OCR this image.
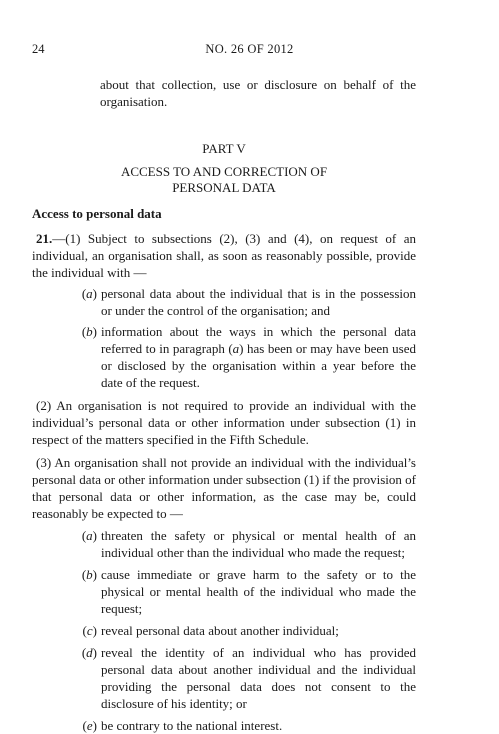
24	NO. 26 OF 2012
about that collection, use or disclosure on behalf of the organisation.
PART V
ACCESS TO AND CORRECTION OF
PERSONAL DATA
Access to personal data

21.—(1) Subject to subsections (2), (3) and (4), on request of an individual, an organisation shall, as soon as reasonably possible, provide the individual with —

(a) personal data about the individual that is in the possession or under the control of the organisation; and
(b) information about the ways in which the personal data referred to in paragraph (a) has been or may have been used or disclosed by the organisation within a year before the date of the request.

(2) An organisation is not required to provide an individual with the individual’s personal data or other information under subsection (1) in respect of the matters specified in the Fifth Schedule.

(3) An organisation shall not provide an individual with the individual’s personal data or other information under subsection (1) if the provision of that personal data or other information, as the case may be, could reasonably be expected to —

(a) threaten the safety or physical or mental health of an individual other than the individual who made the request;
(b) cause immediate or grave harm to the safety or to the physical or mental health of the individual who made the request;
(c) reveal personal data about another individual;
(d) reveal the identity of an individual who has provided personal data about another individual and the individual providing the personal data does not consent to the disclosure of his identity; or
(e) be contrary to the national interest.
